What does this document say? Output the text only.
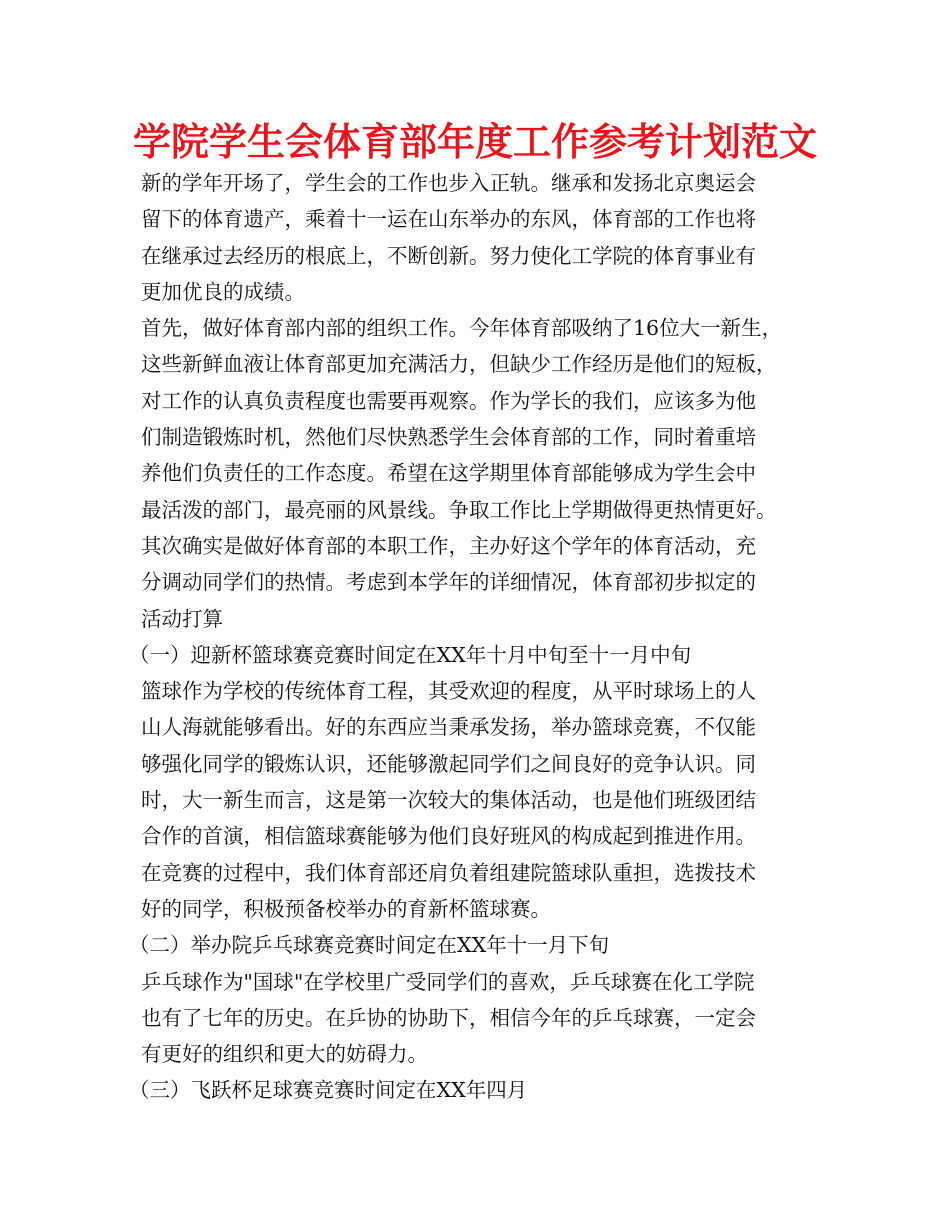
学院学生会体育部年度工作参考计划范文
新的学年开场了，学生会的工作也步入正轨。继承和发扬北京奥运会
留下的体育遗产，乘着十一运在山东举办的东风，体育部的工作也将
在继承过去经历的根底上，不断创新。努力使化工学院的体育事业有
更加优良的成绩。
首先，做好体育部内部的组织工作。今年体育部吸纳了16位大一新生，
这些新鲜血液让体育部更加充满活力，但缺少工作经历是他们的短板，
对工作的认真负责程度也需要再观察。作为学长的我们，应该多为他
们制造锻炼时机，然他们尽快熟悉学生会体育部的工作，同时着重培
养他们负责任的工作态度。希望在这学期里体育部能够成为学生会中
最活泼的部门，最亮丽的风景线。争取工作比上学期做得更热情更好。
其次确实是做好体育部的本职工作，主办好这个学年的体育活动，充
分调动同学们的热情。考虑到本学年的详细情况，体育部初步拟定的
活动打算
（一）迎新杯篮球赛竞赛时间定在XX年十月中旬至十一月中旬
篮球作为学校的传统体育工程，其受欢迎的程度，从平时球场上的人
山人海就能够看出。好的东西应当秉承发扬，举办篮球竞赛，不仅能
够强化同学的锻炼认识，还能够激起同学们之间良好的竞争认识。同
时，大一新生而言，这是第一次较大的集体活动，也是他们班级团结
合作的首演，相信篮球赛能够为他们良好班风的构成起到推进作用。
在竞赛的过程中，我们体育部还肩负着组建院篮球队重担，选拨技术
好的同学，积极预备校举办的育新杯篮球赛。
（二）举办院乒乓球赛竞赛时间定在XX年十一月下旬
乒乓球作为"国球"在学校里广受同学们的喜欢，乒乓球赛在化工学院
也有了七年的历史。在乒协的协助下，相信今年的乒乓球赛，一定会
有更好的组织和更大的妨碍力。
（三）飞跃杯足球赛竞赛时间定在XX年四月
